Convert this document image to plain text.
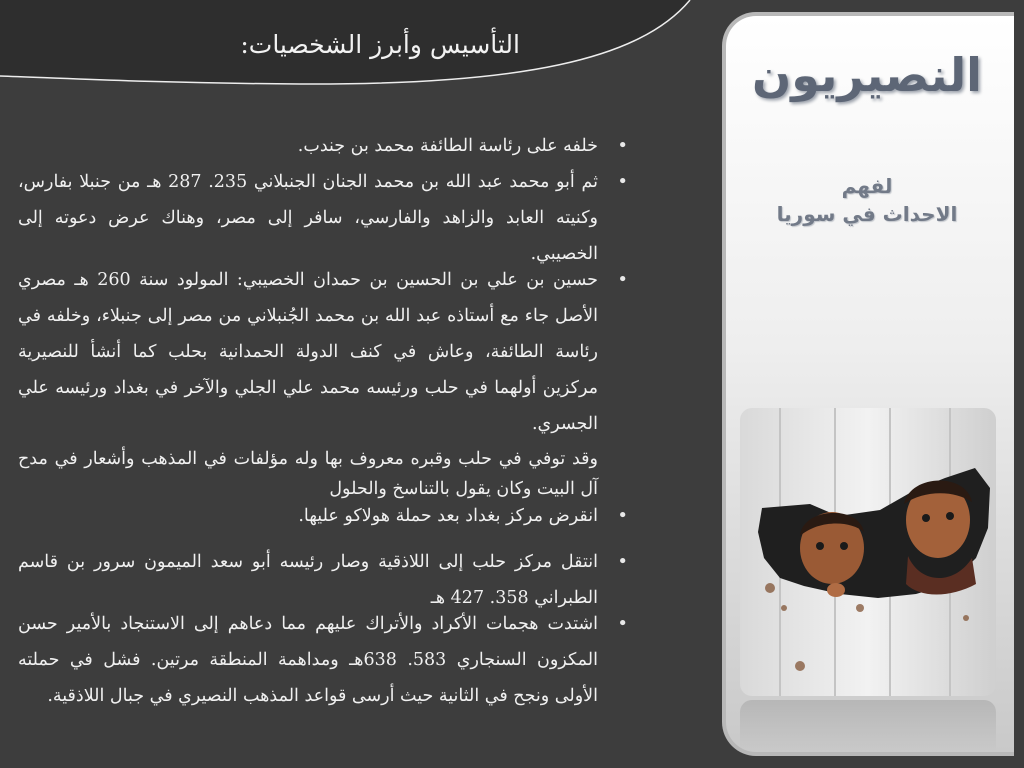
التأسيس وأبرز الشخصيات:
النصيريون
لفهم
الاحداث في سوريا
• خلفه على رئاسة الطائفة محمد بن جندب.
• ثم أبو محمد عبد الله بن محمد الجنان الجنبلاني 235. 287 هـ من جنبلا بفارس، وكنيته العابد والزاهد والفارسي، سافر إلى مصر، وهناك عرض دعوته إلى الخصيبي.
• حسين بن علي بن الحسين بن حمدان الخصيبي: المولود سنة 260 هـ مصري الأصل جاء مع أستاذه عبد الله بن محمد الجُنبلاني من مصر إلى جنبلاء، وخلفه في رئاسة الطائفة، وعاش في كنف الدولة الحمدانية بحلب كما أنشأ للنصيرية مركزين أولهما في حلب ورئيسه محمد علي الجلي والآخر في بغداد ورئيسه علي الجسري.
وقد توفي في حلب وقبره معروف بها وله مؤلفات في المذهب وأشعار في مدح آل البيت وكان يقول بالتناسخ والحلول
• انقرض مركز بغداد بعد حملة هولاكو عليها.
• انتقل مركز حلب إلى اللاذقية وصار رئيسه أبو سعد الميمون سرور بن قاسم الطبراني 358. 427 هـ
• اشتدت هجمات الأكراد والأتراك عليهم مما دعاهم إلى الاستنجاد بالأمير حسن المكزون السنجاري 583. 638هـ ومداهمة المنطقة مرتين. فشل في حملته الأولى ونجح في الثانية حيث أرسى قواعد المذهب النصيري في جبال اللاذقية.
